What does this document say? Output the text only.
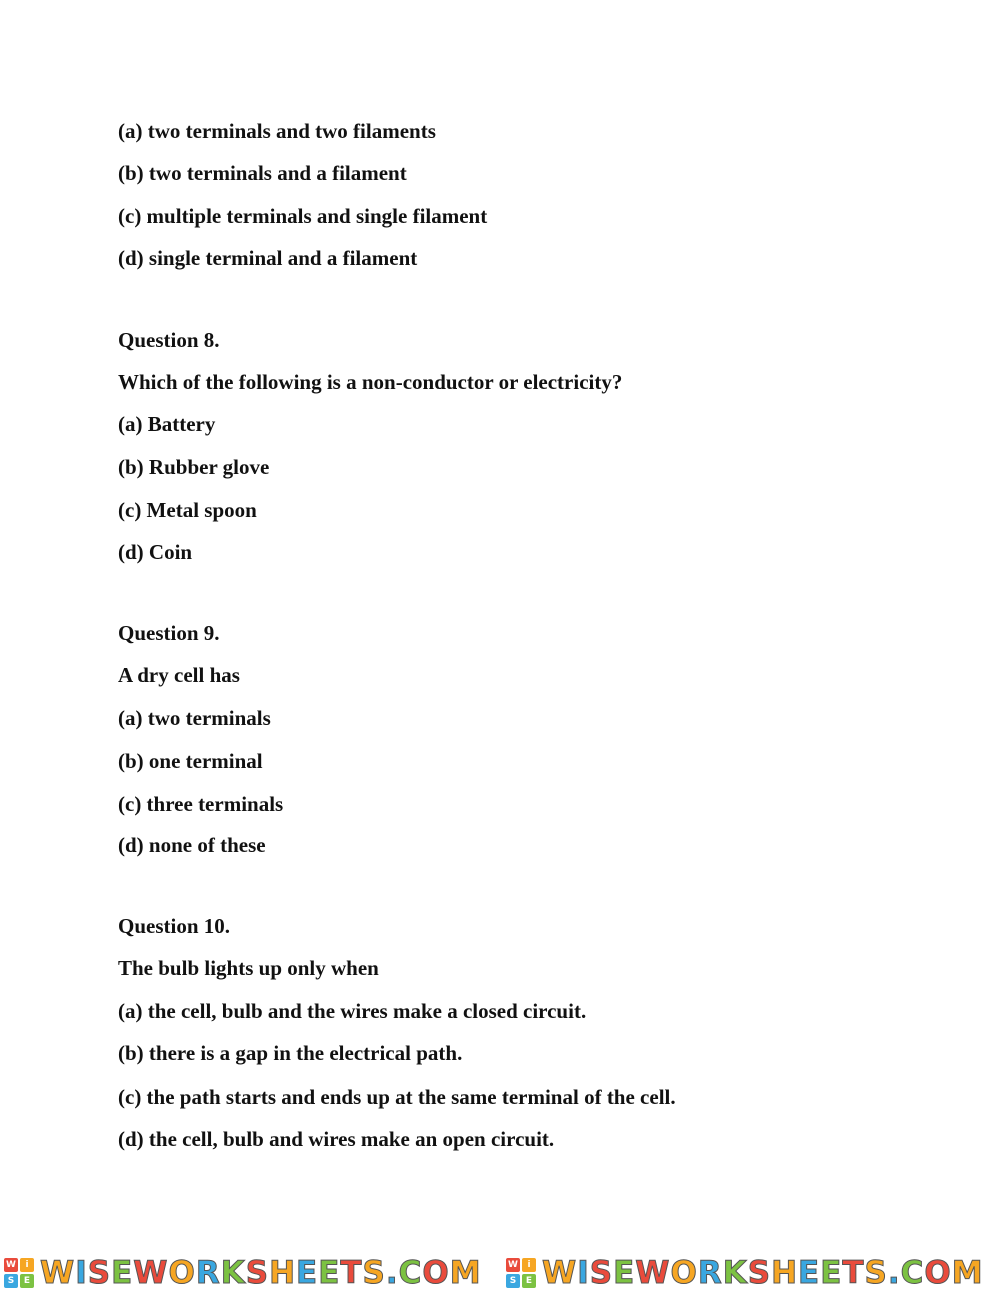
(a) two terminals and two filaments
(b) two terminals and a filament
(c) multiple terminals and single filament
(d) single terminal and a filament
Question 8.
Which of the following is a non-conductor or electricity?
(a) Battery
(b) Rubber glove
(c) Metal spoon
(d) Coin
Question 9.
A dry cell has
(a) two terminals
(b) one terminal
(c) three terminals
(d) none of these
Question 10.
The bulb lights up only when
(a) the cell, bulb and the wires make a closed circuit.
(b) there is a gap in the electrical path.
(c) the path starts and ends up at the same terminal of the cell.
(d) the cell, bulb and wires make an open circuit.
W	i
S	E WISEWORKSHEETS.COM	W	i
S	E WISEWORKSHEETS.COM
